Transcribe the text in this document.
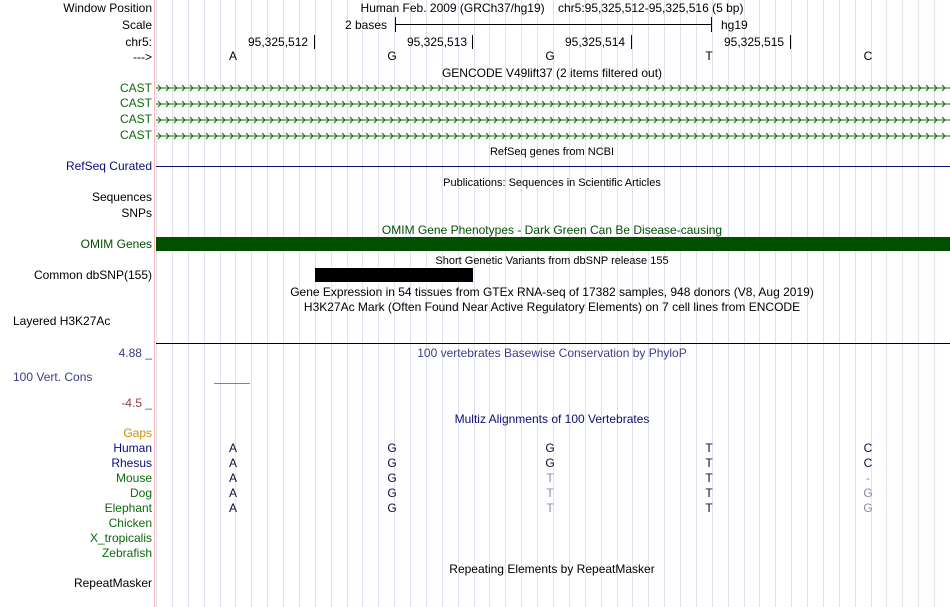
Window Position	Human Feb. 2009 (GRCh37/hg19)    chr5:95,325,512-95,325,516 (5 bp)
Scale	2 bases	hg19
chr5:	95,325,512	95,325,513	95,325,514	95,325,515
--->	A	G	G	T	C
GENCODE V49lift37 (2 items filtered out)
CAST
CAST
CAST
CAST
RefSeq genes from NCBI
RefSeq Curated
Publications: Sequences in Scientific Articles
Sequences
SNPs
OMIM Gene Phenotypes - Dark Green Can Be Disease-causing
OMIM Genes
Short Genetic Variants from dbSNP release 155
Common dbSNP(155)
Gene Expression in 54 tissues from GTEx RNA-seq of 17382 samples, 948 donors (V8, Aug 2019)
H3K27Ac Mark (Often Found Near Active Regulatory Elements) on 7 cell lines from ENCODE
Layered H3K27Ac
4.88 _	100 vertebrates Basewise Conservation by PhyloP
100 Vert. Cons
-4.5 _
Multiz Alignments of 100 Vertebrates
Gaps
Human	A	G	G	T	C
Rhesus	A	G	G	T	C
Mouse	A	G	T	T	-
Dog	A	G	T	T	G
Elephant	A	G	T	T	G
Chicken
X_tropicalis
Zebrafish
Repeating Elements by RepeatMasker
RepeatMasker
